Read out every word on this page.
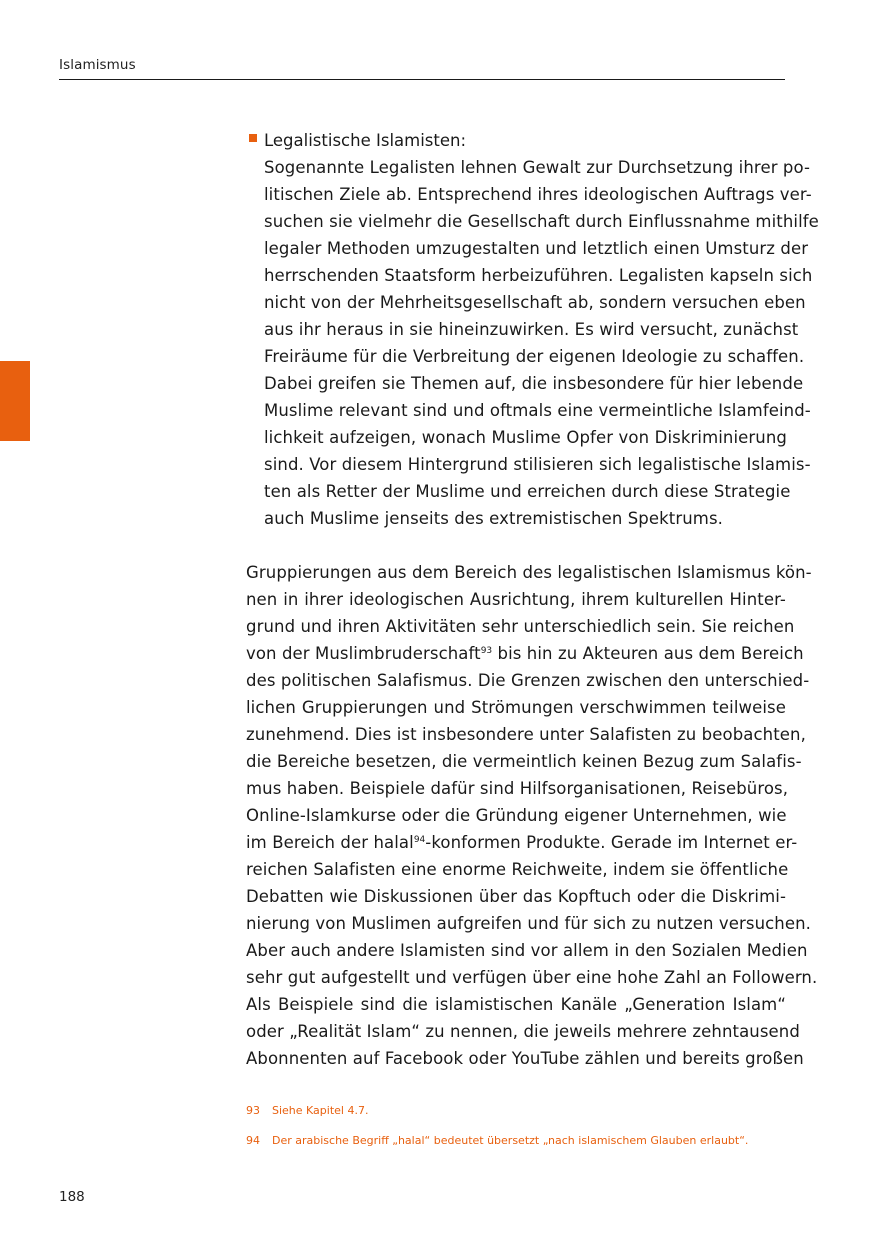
Islamismus
Legalistische Islamisten:
Sogenannte Legalisten lehnen Gewalt zur Durchsetzung ihrer po-
litischen Ziele ab. Entsprechend ihres ideologischen Auftrags ver-
suchen sie vielmehr die Gesellschaft durch Einflussnahme mithilfe
legaler Methoden umzugestalten und letztlich einen Umsturz der
herrschenden Staatsform herbeizuführen. Legalisten kapseln sich
nicht von der Mehrheitsgesellschaft ab, sondern versuchen eben
aus ihr heraus in sie hineinzuwirken. Es wird versucht, zunächst
Freiräume für die Verbreitung der eigenen Ideologie zu schaffen.
Dabei greifen sie Themen auf, die insbesondere für hier lebende
Muslime relevant sind und oftmals eine vermeintliche Islamfeind-
lichkeit aufzeigen, wonach Muslime Opfer von Diskriminierung
sind. Vor diesem Hintergrund stilisieren sich legalistische Islamis-
ten als Retter der Muslime und erreichen durch diese Strategie
auch Muslime jenseits des extremistischen Spektrums.
Gruppierungen aus dem Bereich des legalistischen Islamismus kön-
nen in ihrer ideologischen Ausrichtung, ihrem kulturellen Hinter-
grund und ihren Aktivitäten sehr unterschiedlich sein. Sie reichen
von der Muslimbruderschaft$^{93}$ bis hin zu Akteuren aus dem Bereich
des politischen Salafismus. Die Grenzen zwischen den unterschied-
lichen Gruppierungen und Strömungen verschwimmen teilweise
zunehmend. Dies ist insbesondere unter Salafisten zu beobachten,
die Bereiche besetzen, die vermeintlich keinen Bezug zum Salafis-
mus haben. Beispiele dafür sind Hilfsorganisationen, Reisebüros,
Online-Islamkurse oder die Gründung eigener Unternehmen, wie
im Bereich der halal$^{94}$-konformen Produkte. Gerade im Internet er-
reichen Salafisten eine enorme Reichweite, indem sie öffentliche
Debatten wie Diskussionen über das Kopftuch oder die Diskrimi-
nierung von Muslimen aufgreifen und für sich zu nutzen versuchen.
Aber auch andere Islamisten sind vor allem in den Sozialen Medien
sehr gut aufgestellt und verfügen über eine hohe Zahl an Followern.
Als Beispiele sind die islamistischen Kanäle „Generation Islam“
oder „Realität Islam“ zu nennen, die jeweils mehrere zehntausend
Abonnenten auf Facebook oder YouTube zählen und bereits großen
93 Siehe Kapitel 4.7.
94 Der arabische Begriff „halal“ bedeutet übersetzt „nach islamischem Glauben erlaubt“.
188
